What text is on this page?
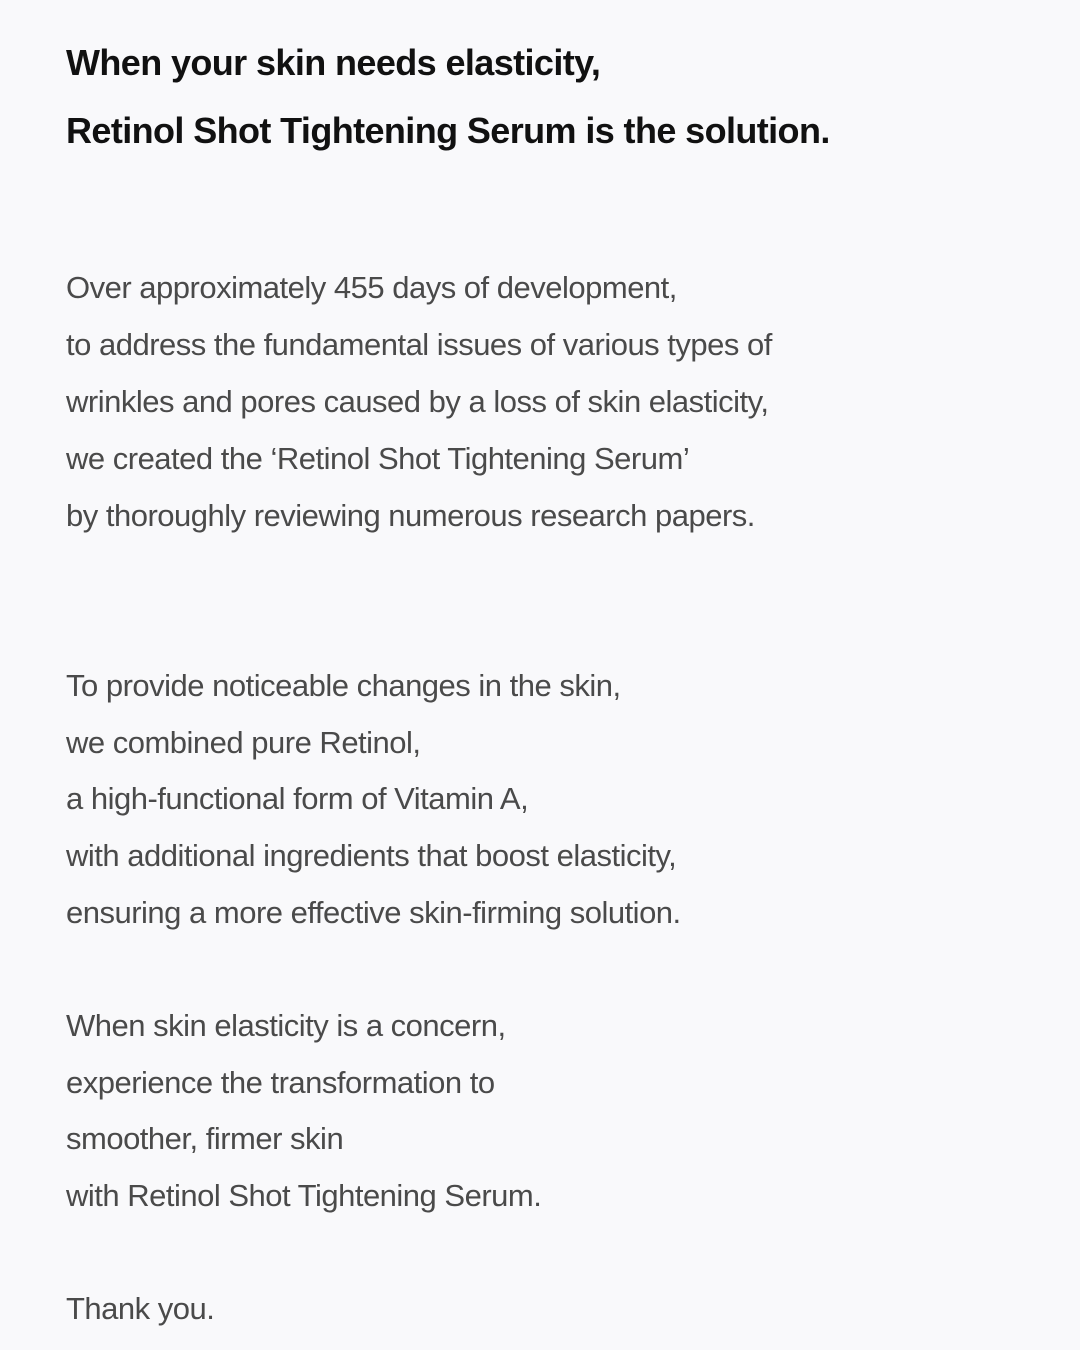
When your skin needs elasticity,

Retinol Shot Tightening Serum is the solution.

Over approximately 455 days of development,

to address the fundamental issues of various types of

wrinkles and pores caused by a loss of skin elasticity,

we created the ‘Retinol Shot Tightening Serum’

by thoroughly reviewing numerous research papers.

To provide noticeable changes in the skin,

we combined pure Retinol,

a high-functional form of Vitamin A,

with additional ingredients that boost elasticity,

ensuring a more effective skin-firming solution.

When skin elasticity is a concern,

experience the transformation to

smoother, firmer skin

with Retinol Shot Tightening Serum.

Thank you.
